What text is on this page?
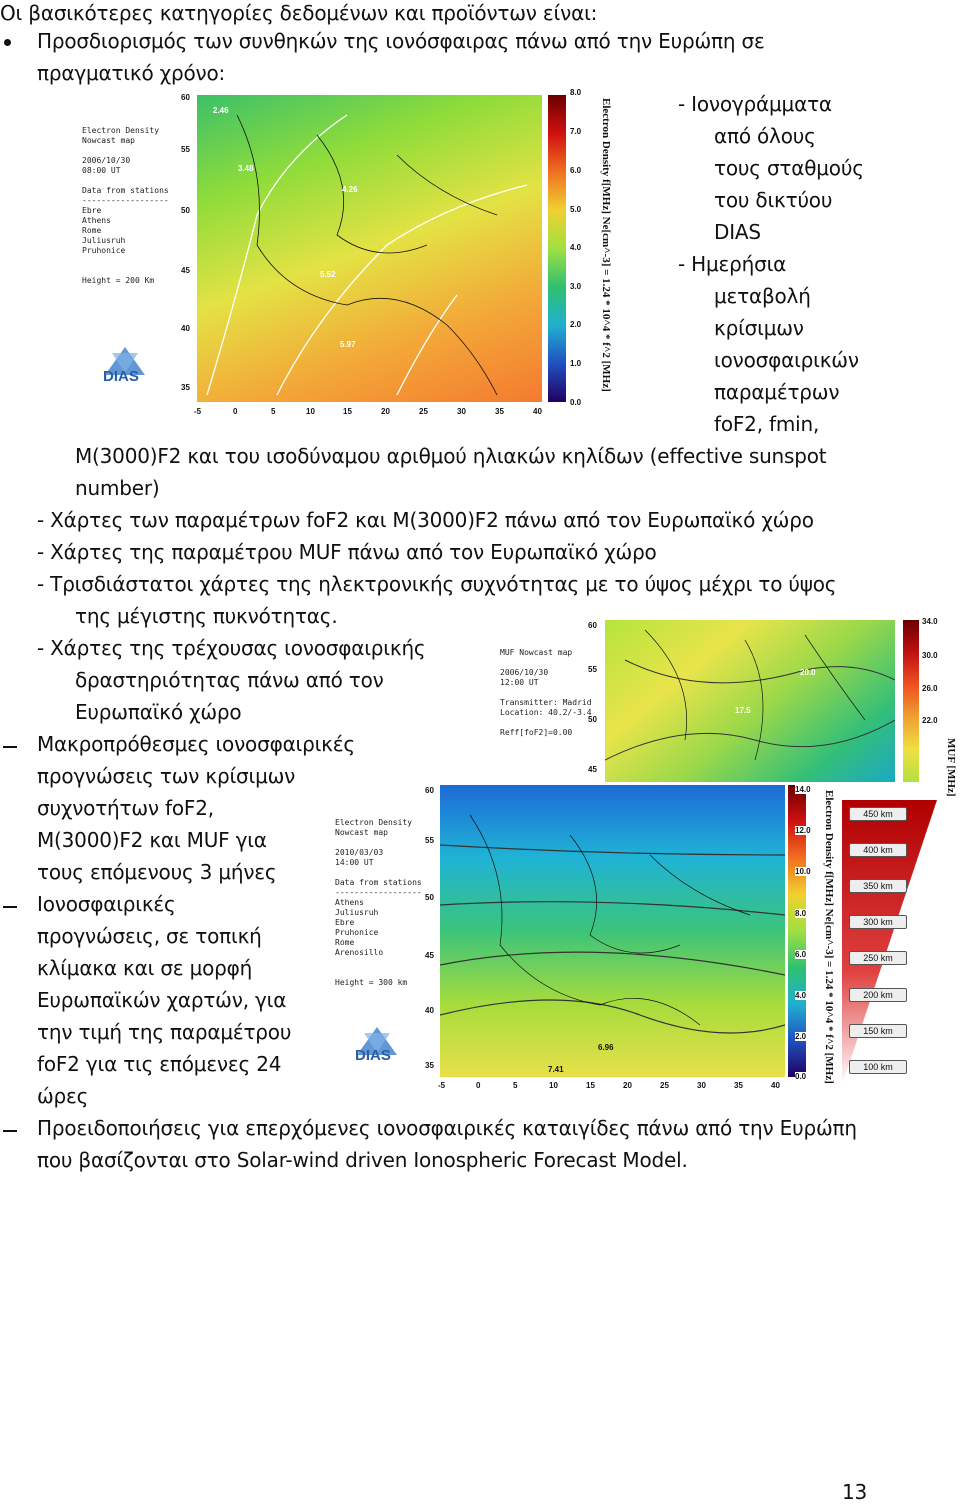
Οι βασικότερες κατηγορίες δεδομένων και προϊόντων είναι:
Προσδιορισμός των συνθηκών της ιονόσφαιρας πάνω από την Ευρώπη σε
πραγματικό χρόνο:
Electron Density
Nowcast map

2006/10/30
08:00 UT

Data from stations
------------------
Ebre
Athens
Rome
Juliusruh
Pruhonice

Height = 200 Km
DIAS
2.46
3.48
4.26
5.52
5.97
60
55
50
45
40
35
-5	0	5	10	15	20	25	30	35	40
8.0
7.0
6.0
5.0
4.0
3.0
2.0
1.0
0.0
Electron Density f[MHz] Ne[cm^-3] = 1.24 * 10^4 * f^2 [MHz]	- Ιονογράμματα
από όλους
τους σταθμούς
του δικτύου
DIAS
- Ημερήσια
μεταβολή
κρίσιμων
ιονοσφαιρικών
παραμέτρων
foF2, fmin,
M(3000)F2 και του ισοδύναμου αριθμού ηλιακών κηλίδων (effective sunspot
number)
- Χάρτες των παραμέτρων foF2 και M(3000)F2 πάνω από τον Ευρωπαϊκό χώρο
- Χάρτες της παραμέτρου MUF πάνω από τον Ευρωπαϊκό χώρο
- Τρισδιάστατοι χάρτες της ηλεκτρονικής συχνότητας με το ύψος μέχρι το ύψος
της μέγιστης πυκνότητας.
- Χάρτες της τρέχουσας ιονοσφαιρικής
δραστηριότητας πάνω από τον
Ευρωπαϊκό χώρο
MUF Nowcast map

2006/10/30
12:00 UT

Transmitter: Madrid
Location: 40.2/-3.4

Reff[foF2]=0.00
60
55
50
45
20.0
17.5
34.0
30.0
26.0
22.0
MUF [MHz]
Μακροπρόθεσμες ιονοσφαιρικές
προγνώσεις των κρίσιμων
συχνοτήτων foF2,
M(3000)F2 και MUF για
τους επόμενους 3 μήνες
Ιονοσφαιρικές
προγνώσεις, σε τοπική
κλίμακα και σε μορφή
Ευρωπαϊκών χαρτών, για
την τιμή της παραμέτρου
foF2 για τις επόμενες 24
ώρες
Electron Density
Nowcast map

2010/03/03
14:00 UT

Data from stations
------------------
Athens
Juliusruh
Ebre
Pruhonice
Rome
Arenosillo

Height = 300 km
DIAS	6.96
7.41
60
55
50
45
40
35
-5	0	5	10	15	20	25	30	35	40
14.0
12.0
10.0
8.0
6.0
4.0
2.0
0.0 Electron Density f[MHz] Ne[cm^-3] = 1.24 * 10^4 * f^2 [MHz]	450 km
400 km
350 km
300 km
250 km
200 km
150 km
100 km
Προειδοποιήσεις για επερχόμενες ιονοσφαιρικές καταιγίδες πάνω από την Ευρώπη
που βασίζονται στο Solar-wind driven Ionospheric Forecast Model.
13
